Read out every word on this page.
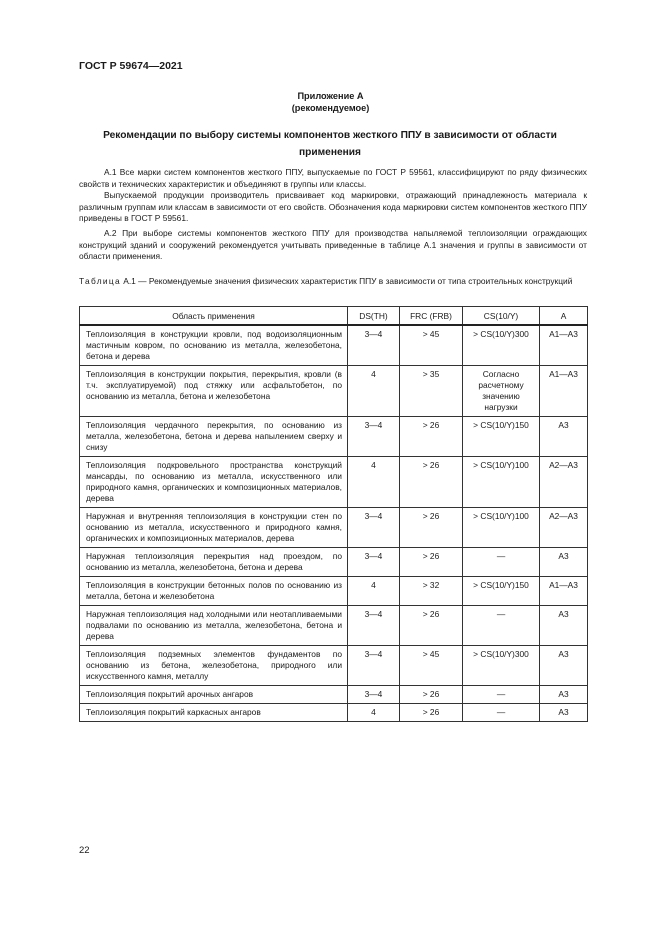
ГОСТ Р 59674—2021
Приложение А
(рекомендуемое)
Рекомендации по выбору системы компонентов жесткого ППУ в зависимости от области применения

А.1 Все марки систем компонентов жесткого ППУ, выпускаемые по ГОСТ Р 59561, классифицируют по ряду физических свойств и технических характеристик и объединяют в группы или классы.

Выпускаемой продукции производитель присваивает код маркировки, отражающий принадлежность материала к различным группам или классам в зависимости от его свойств. Обозначения кода маркировки систем компонентов жесткого ППУ приведены в ГОСТ Р 59561.

А.2 При выборе системы компонентов жесткого ППУ для производства напыляемой теплоизоляции ограждающих конструкций зданий и сооружений рекомендуется учитывать приведенные в таблице А.1 значения и группы в зависимости от области применения.

Таблица А.1 — Рекомендуемые значения физических характеристик ППУ в зависимости от типа строительных конструкций
Область применения	DS(TH)	FRC (FRB)	CS(10/Y)	A
Теплоизоляция в конструкции кровли, под водоизоляционным мастичным ковром, по основанию из металла, железобетона, бетона и дерева	3—4	> 45	> CS(10/Y)300	A1—A3
Теплоизоляция в конструкции покрытия, перекрытия, кровли (в т.ч. эксплуатируемой) под стяжку или асфальтобетон, по основанию из металла, бетона и железобетона	4	> 35	Согласно расчетному значению нагрузки	A1—A3
Теплоизоляция чердачного перекрытия, по основанию из металла, железобетона, бетона и дерева напылением сверху и снизу	3—4	> 26	> CS(10/Y)150	A3
Теплоизоляция подкровельного пространства конструкций мансарды, по основанию из металла, искусственного или природного камня, органических и композиционных материалов, дерева	4	> 26	> CS(10/Y)100	A2—A3
Наружная и внутренняя теплоизоляция в конструкции стен по основанию из металла, искусственного и природного камня, органических и композиционных материалов, дерева	3—4	> 26	> CS(10/Y)100	A2—A3
Наружная теплоизоляция перекрытия над проездом, по основанию из металла, железобетона, бетона и дерева	3—4	> 26	—	A3
Теплоизоляция в конструкции бетонных полов по основанию из металла, бетона и железобетона	4	> 32	> CS(10/Y)150	A1—A3
Наружная теплоизоляция над холодными или неотапливаемыми подвалами по основанию из металла, железобетона, бетона и дерева	3—4	> 26	—	A3
Теплоизоляция подземных элементов фундаментов по основанию из бетона, железобетона, природного или искусственного камня, металлу	3—4	> 45	> CS(10/Y)300	A3
Теплоизоляция покрытий арочных ангаров	3—4	> 26	—	A3
Теплоизоляция покрытий каркасных ангаров	4	> 26	—	A3
22
